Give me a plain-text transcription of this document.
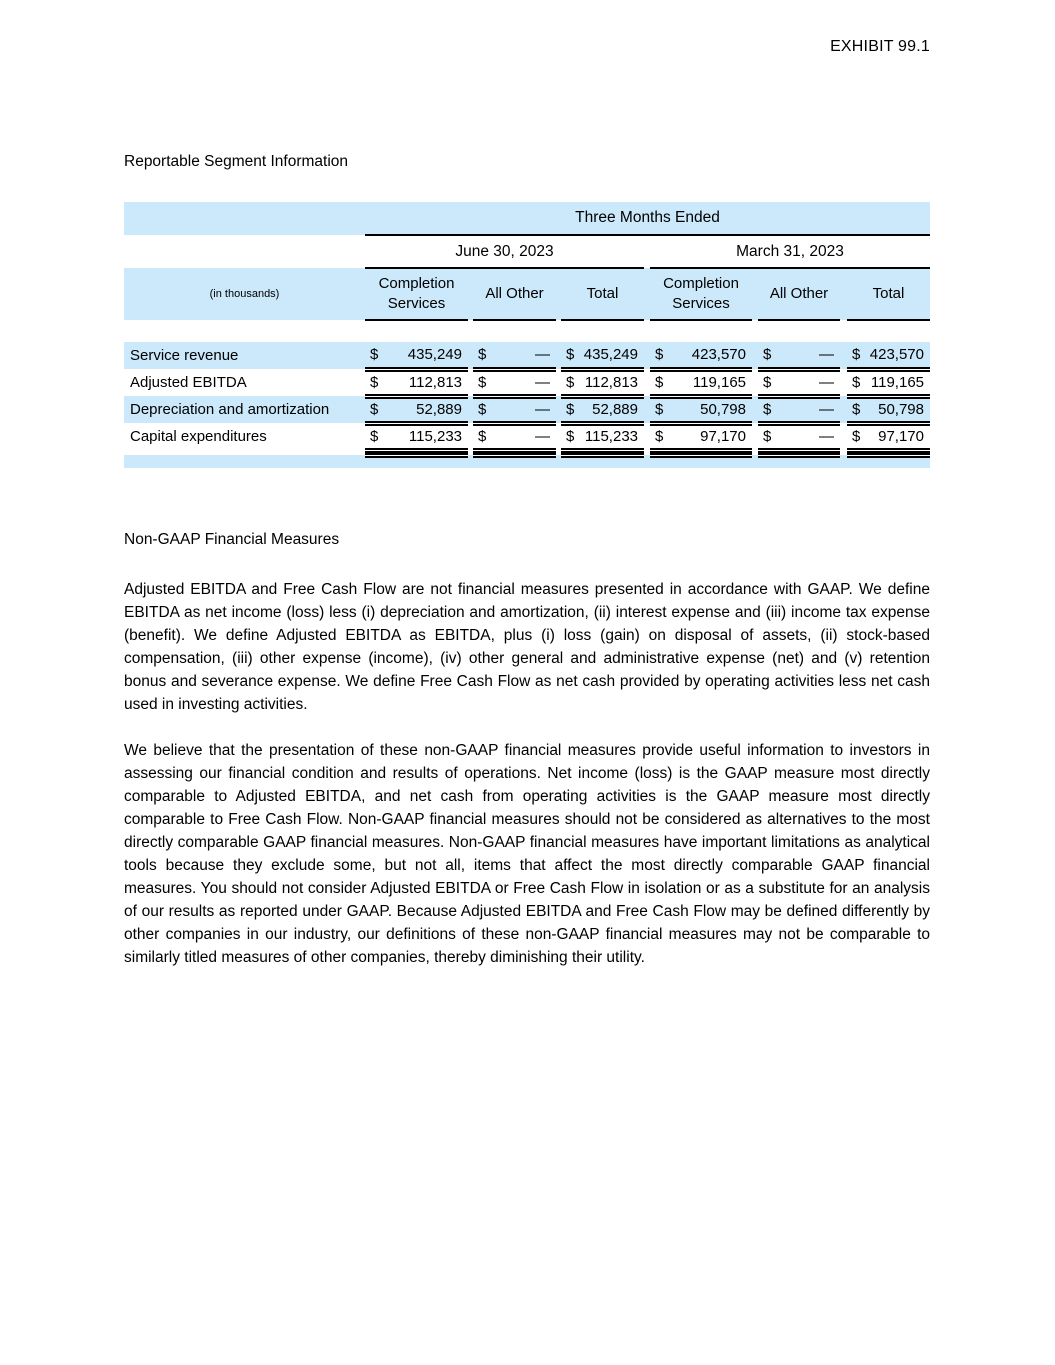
EXHIBIT 99.1
Reportable Segment Information
	Three Months Ended																
	June 30, 2023									March 31, 2023							
(in thousands)	Completion Services			All Other			Total			Completion Services			All Other			Total	

Service revenue	$	435,249		$	—		$	435,249		$	423,570		$	—		$	423,570
Adjusted EBITDA	$	112,813		$	—		$	112,813		$	119,165		$	—		$	119,165
Depreciation and amortization	$	52,889		$	—		$	52,889		$	50,798		$	—		$	50,798
Capital expenditures	$	115,233		$	—		$	115,233		$	97,170		$	—		$	97,170

Non-GAAP Financial Measures
Adjusted EBITDA and Free Cash Flow are not financial measures presented in accordance with GAAP. We define EBITDA as net income (loss) less (i) depreciation and amortization, (ii) interest expense and (iii) income tax expense (benefit). We define Adjusted EBITDA as EBITDA, plus (i) loss (gain) on disposal of assets, (ii) stock-based compensation, (iii) other expense (income), (iv) other general and administrative expense (net) and (v) retention bonus and severance expense. We define Free Cash Flow as net cash provided by operating activities less net cash used in investing activities.
We believe that the presentation of these non-GAAP financial measures provide useful information to investors in assessing our financial condition and results of operations. Net income (loss) is the GAAP measure most directly comparable to Adjusted EBITDA, and net cash from operating activities is the GAAP measure most directly comparable to Free Cash Flow. Non-GAAP financial measures should not be considered as alternatives to the most directly comparable GAAP financial measures. Non-GAAP financial measures have important limitations as analytical tools because they exclude some, but not all, items that affect the most directly comparable GAAP financial measures. You should not consider Adjusted EBITDA or Free Cash Flow in isolation or as a substitute for an analysis of our results as reported under GAAP. Because Adjusted EBITDA and Free Cash Flow may be defined differently by other companies in our industry, our definitions of these non-GAAP financial measures may not be comparable to similarly titled measures of other companies, thereby diminishing their utility.
